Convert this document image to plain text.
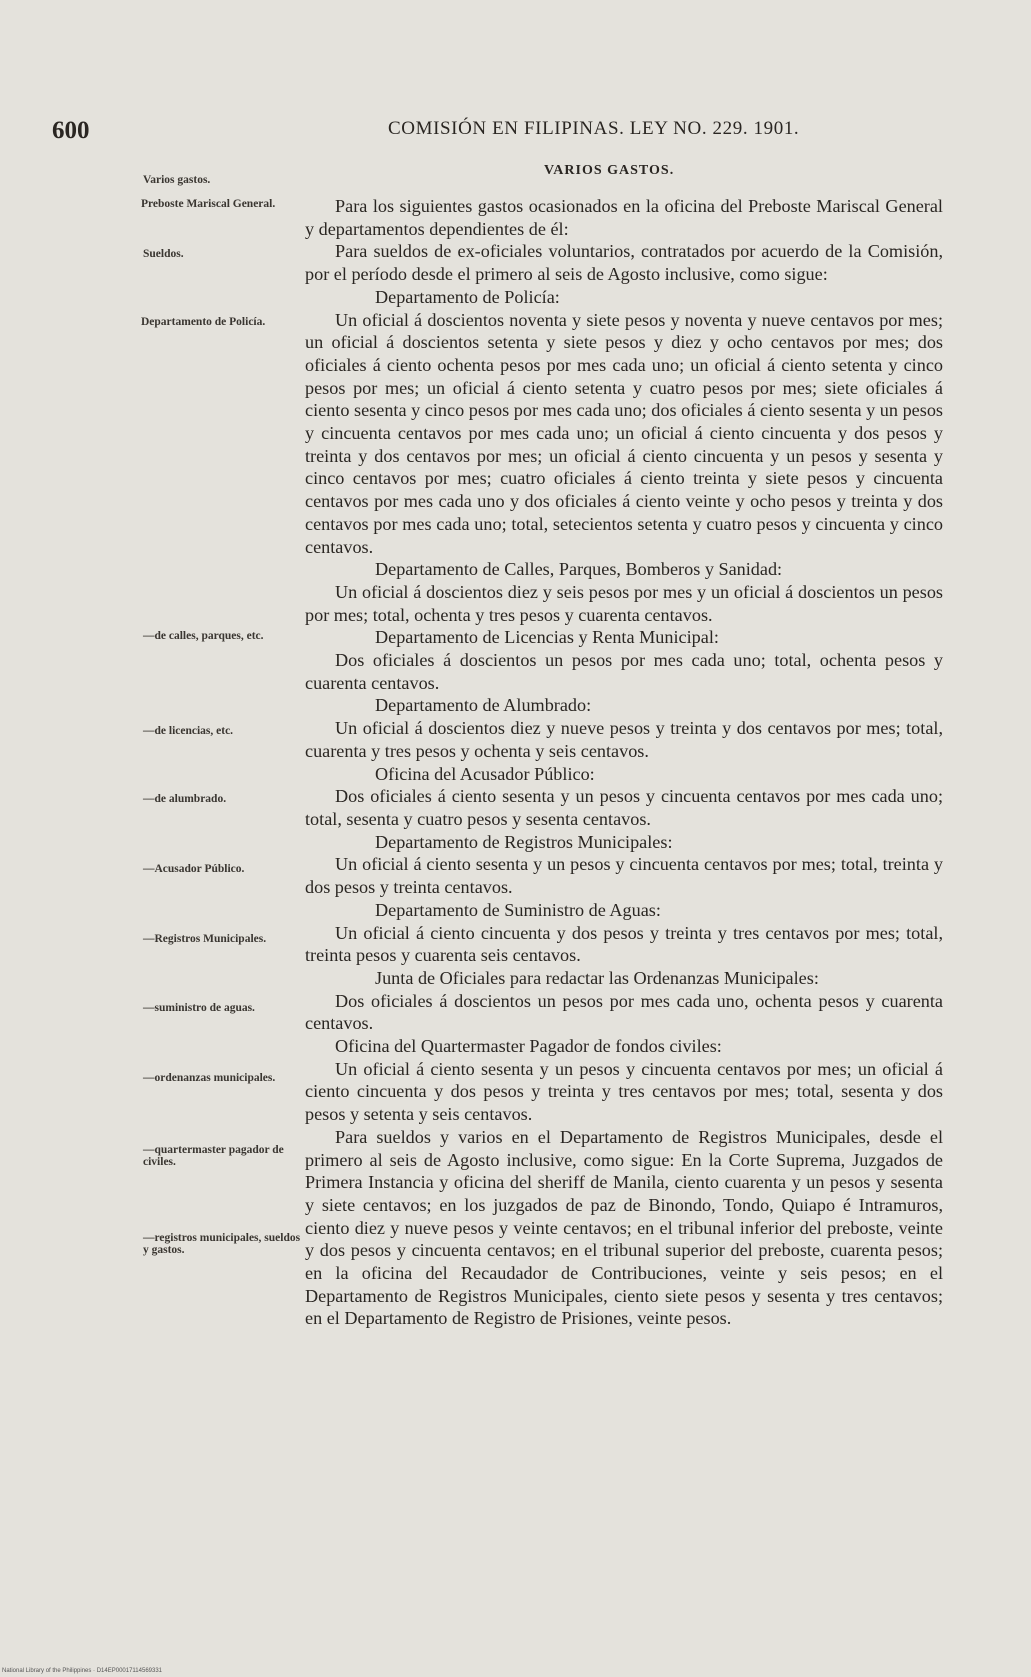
600	COMISIÓN EN FILIPINAS. LEY NO. 229. 1901.
VARIOS GASTOS.
Varios gastos.
Preboste Mariscal General.
Sueldos.
Departamento de Policía.
—de calles, parques, etc.
—de licencias, etc.
—de alumbrado.
—Acusador Público.
—Registros Municipales.
—suministro de aguas.
—ordenanzas municipales.
—quartermaster pagador de civiles.
—registros municipales, sueldos y gastos.

Para los siguientes gastos ocasionados en la oficina del Preboste Mariscal General y departamentos dependientes de él:

Para sueldos de ex-oficiales voluntarios, contratados por acuerdo de la Comisión, por el período desde el primero al seis de Agosto inclusive, como sigue:

Departamento de Policía:

Un oficial á doscientos noventa y siete pesos y noventa y nueve centavos por mes; un oficial á doscientos setenta y siete pesos y diez y ocho centavos por mes; dos oficiales á ciento ochenta pesos por mes cada uno; un oficial á ciento setenta y cinco pesos por mes; un oficial á ciento setenta y cuatro pesos por mes; siete oficiales á ciento sesenta y cinco pesos por mes cada uno; dos oficiales á ciento sesenta y un pesos y cincuenta centavos por mes cada uno; un oficial á ciento cincuenta y dos pesos y treinta y dos centavos por mes; un oficial á ciento cincuenta y un pesos y sesenta y cinco centavos por mes; cuatro oficiales á ciento treinta y siete pesos y cincuenta centavos por mes cada uno y dos oficiales á ciento veinte y ocho pesos y treinta y dos centavos por mes cada uno; total, setecientos setenta y cuatro pesos y cincuenta y cinco centavos.

Departamento de Calles, Parques, Bomberos y Sanidad:

Un oficial á doscientos diez y seis pesos por mes y un oficial á doscientos un pesos por mes; total, ochenta y tres pesos y cuarenta centavos.

Departamento de Licencias y Renta Municipal:

Dos oficiales á doscientos un pesos por mes cada uno; total, ochenta pesos y cuarenta centavos.

Departamento de Alumbrado:

Un oficial á doscientos diez y nueve pesos y treinta y dos centavos por mes; total, cuarenta y tres pesos y ochenta y seis centavos.

Oficina del Acusador Público:

Dos oficiales á ciento sesenta y un pesos y cincuenta centavos por mes cada uno; total, sesenta y cuatro pesos y sesenta centavos.

Departamento de Registros Municipales:

Un oficial á ciento sesenta y un pesos y cincuenta centavos por mes; total, treinta y dos pesos y treinta centavos.

Departamento de Suministro de Aguas:

Un oficial á ciento cincuenta y dos pesos y treinta y tres centavos por mes; total, treinta pesos y cuarenta seis centavos.

Junta de Oficiales para redactar las Ordenanzas Municipales:

Dos oficiales á doscientos un pesos por mes cada uno, ochenta pesos y cuarenta centavos.

Oficina del Quartermaster Pagador de fondos civiles:

Un oficial á ciento sesenta y un pesos y cincuenta centavos por mes; un oficial á ciento cincuenta y dos pesos y treinta y tres centavos por mes; total, sesenta y dos pesos y setenta y seis centavos.

Para sueldos y varios en el Departamento de Registros Municipales, desde el primero al seis de Agosto inclusive, como sigue: En la Corte Suprema, Juzgados de Primera Instancia y oficina del sheriff de Manila, ciento cuarenta y un pesos y sesenta y siete centavos; en los juzgados de paz de Binondo, Tondo, Quiapo é Intramuros, ciento diez y nueve pesos y veinte centavos; en el tribunal inferior del preboste, veinte y dos pesos y cincuenta centavos; en el tribunal superior del preboste, cuarenta pesos; en la oficina del Recaudador de Contribuciones, veinte y seis pesos; en el Departamento de Registros Municipales, ciento siete pesos y sesenta y tres centavos; en el Departamento de Registro de Prisiones, veinte pesos.

National Library of the Philippines · D14EP00017114569331
